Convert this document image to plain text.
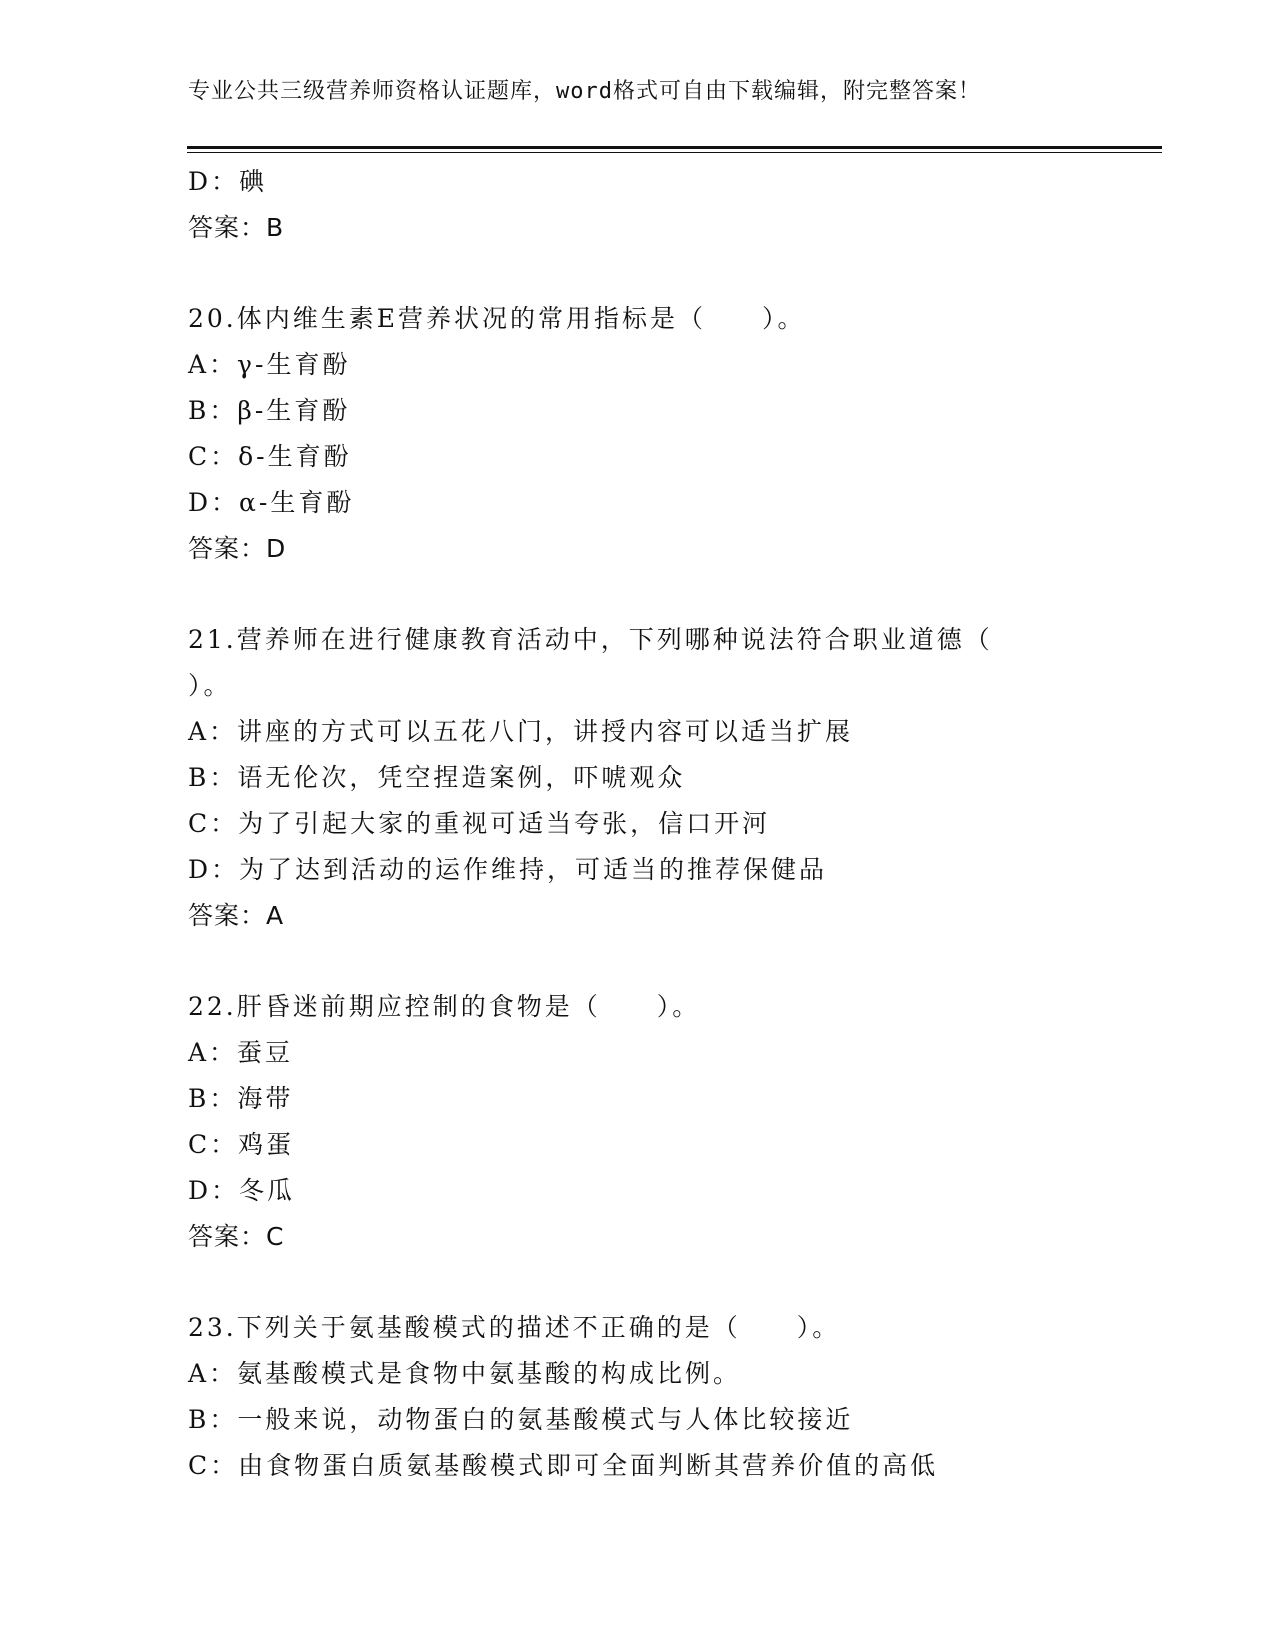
专业公共三级营养师资格认证题库，word格式可自由下载编辑，附完整答案！
D：碘
答案：B
20.体内维生素E营养状况的常用指标是（　　）。
A：γ-生育酚
B：β-生育酚
C：δ-生育酚
D：α-生育酚
答案：D
21.营养师在进行健康教育活动中，下列哪种说法符合职业道德（
）。
A：讲座的方式可以五花八门，讲授内容可以适当扩展
B：语无伦次，凭空捏造案例，吓唬观众
C：为了引起大家的重视可适当夸张，信口开河
D：为了达到活动的运作维持，可适当的推荐保健品
答案：A
22.肝昏迷前期应控制的食物是（　　）。
A：蚕豆
B：海带
C：鸡蛋
D：冬瓜
答案：C
23.下列关于氨基酸模式的描述不正确的是（　　）。
A：氨基酸模式是食物中氨基酸的构成比例。
B：一般来说，动物蛋白的氨基酸模式与人体比较接近
C：由食物蛋白质氨基酸模式即可全面判断其营养价值的高低
